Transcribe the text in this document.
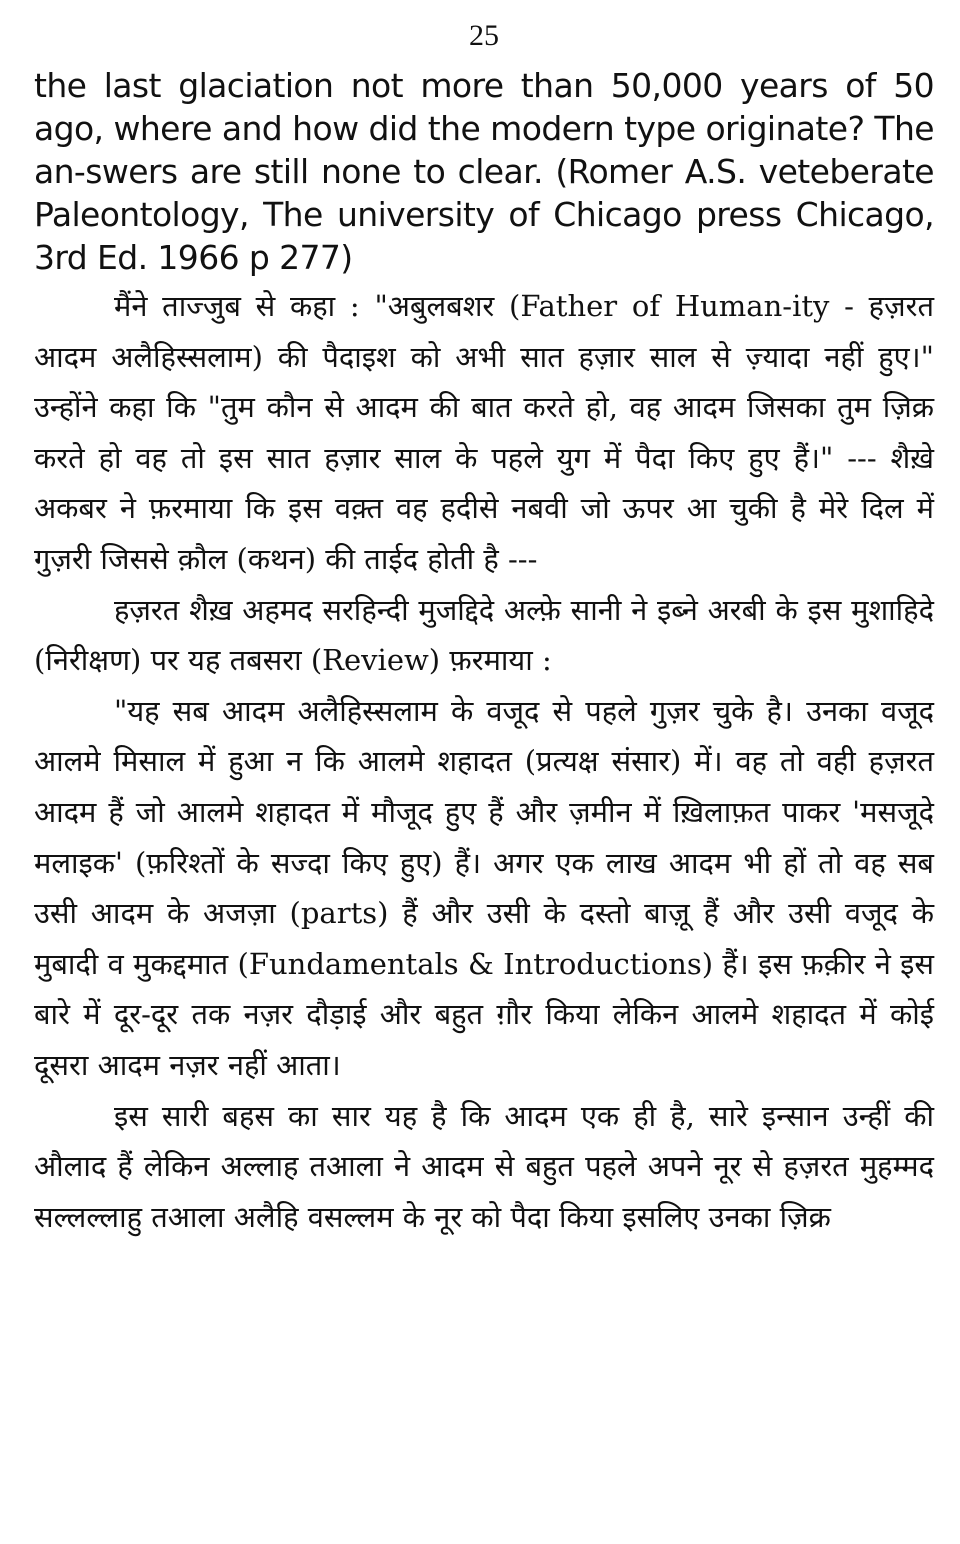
25

the last glaciation not more than 50,000 years of 50 ago, where and how did the modern type originate? The an-swers are still none to clear. (Romer A.S. veteberate Paleontology, The university of Chicago press Chicago, 3rd Ed. 1966 p 277)

मैंने ताज्जुब से कहा : "अबुलबशर (Father of Human-ity - हज़रत आदम अलैहिस्सलाम) की पैदाइश को अभी सात हज़ार साल से ज़्यादा नहीं हुए।" उन्होंने कहा कि "तुम कौन से आदम की बात करते हो, वह आदम जिसका तुम ज़िक्र करते हो वह तो इस सात हज़ार साल के पहले युग में पैदा किए हुए हैं।" --- शैख़े अकबर ने फ़रमाया कि इस वक़्त वह हदीसे नबवी जो ऊपर आ चुकी है मेरे दिल में गुज़री जिससे क़ौल (कथन) की ताईद होती है ---

हज़रत शैख़ अहमद सरहिन्दी मुजद्दिदे अल्फ़े सानी ने इब्ने अरबी के इस मुशाहिदे (निरीक्षण) पर यह तबसरा (Review) फ़रमाया :

"यह सब आदम अलैहिस्सलाम के वजूद से पहले गुज़र चुके है। उनका वजूद आलमे मिसाल में हुआ न कि आलमे शहादत (प्रत्यक्ष संसार) में। वह तो वही हज़रत आदम हैं जो आलमे शहादत में मौजूद हुए हैं और ज़मीन में ख़िलाफ़त पाकर 'मसजूदे मलाइक' (फ़रिश्तों के सज्दा किए हुए) हैं। अगर एक लाख आदम भी हों तो वह सब उसी आदम के अजज़ा (parts) हैं और उसी के दस्तो बाज़ू हैं और उसी वजूद के मुबादी व मुकद्दमात (Fundamentals & Introductions) हैं। इस फ़क़ीर ने इस बारे में दूर-दूर तक नज़र दौड़ाई और बहुत ग़ौर किया लेकिन आलमे शहादत में कोई दूसरा आदम नज़र नहीं आता।

इस सारी बहस का सार यह है कि आदम एक ही है, सारे इन्सान उन्हीं की औलाद हैं लेकिन अल्लाह तआला ने आदम से बहुत पहले अपने नूर से हज़रत मुहम्मद सल्लल्लाहु तआला अलैहि वसल्लम के नूर को पैदा किया इसलिए उनका ज़िक्र
